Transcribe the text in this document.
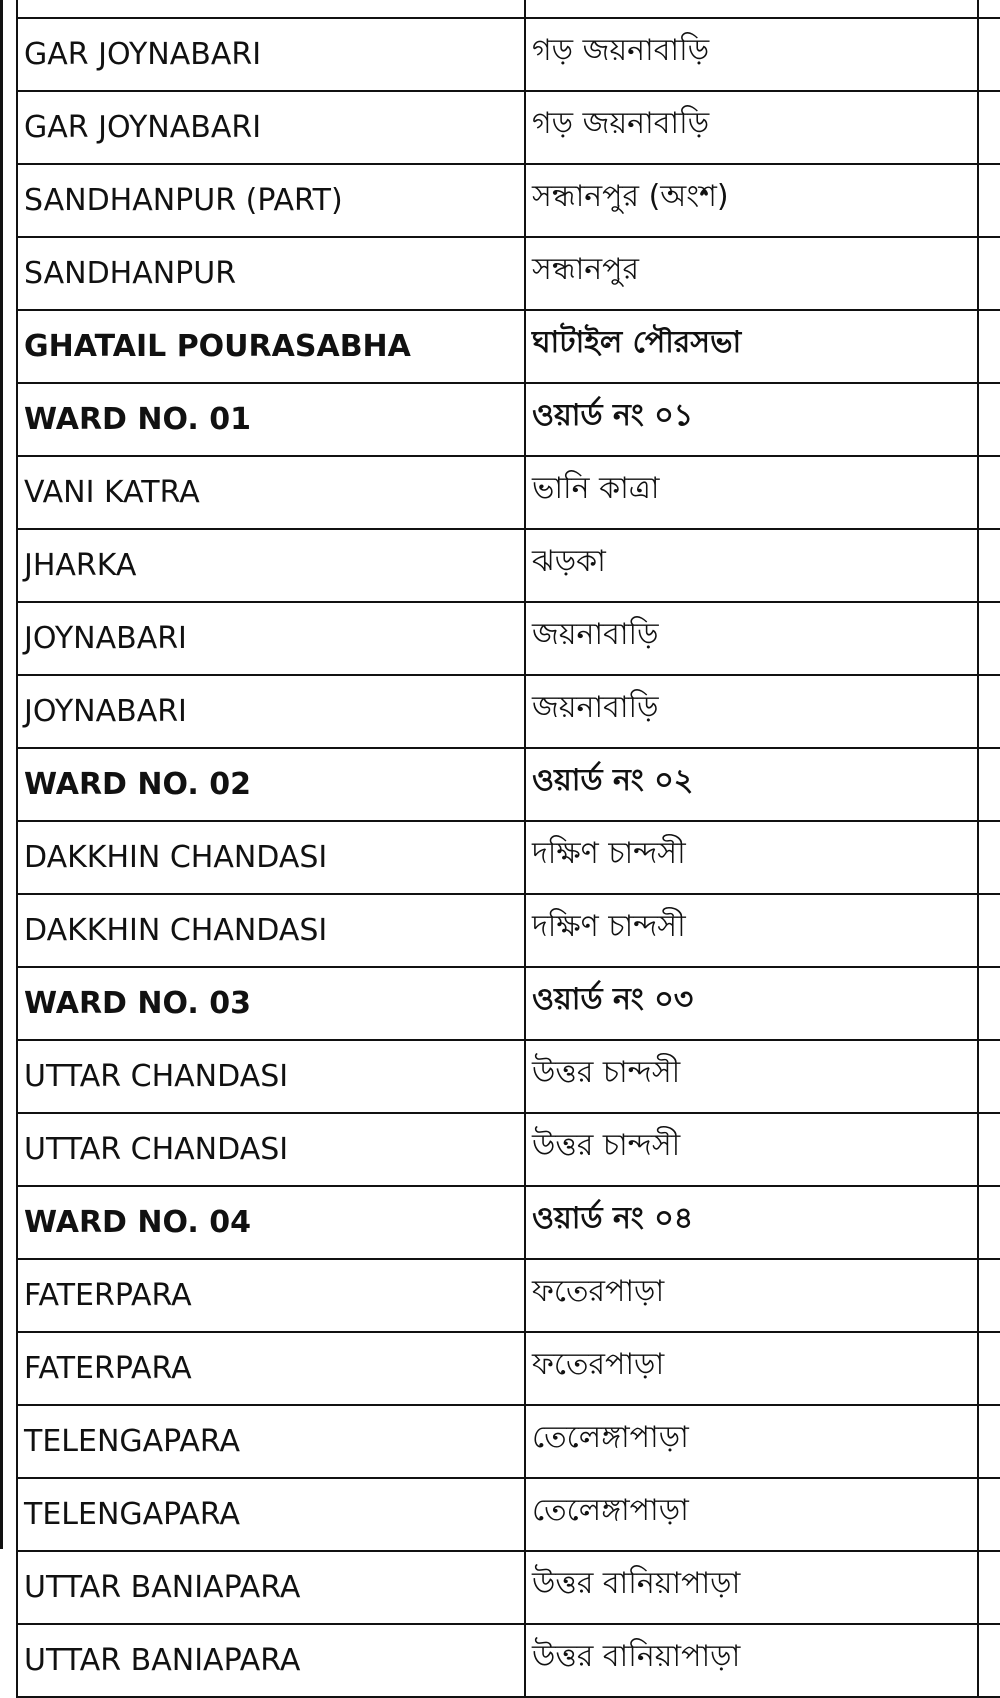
GAR JOYNABARI	গড় জয়নাবাড়ি	
GAR JOYNABARI	গড় জয়নাবাড়ি	
SANDHANPUR (PART)	সন্ধানপুর (অংশ)	
SANDHANPUR	সন্ধানপুর	
GHATAIL POURASABHA	ঘাটাইল পৌরসভা	
WARD NO. 01	ওয়ার্ড নং ০১	
VANI KATRA	ভানি কাত্রা	
JHARKA	ঝড়কা	
JOYNABARI	জয়নাবাড়ি	
JOYNABARI	জয়নাবাড়ি	
WARD NO. 02	ওয়ার্ড নং ০২	
DAKKHIN CHANDASI	দক্ষিণ চান্দসী	
DAKKHIN CHANDASI	দক্ষিণ চান্দসী	
WARD NO. 03	ওয়ার্ড নং ০৩	
UTTAR CHANDASI	উত্তর চান্দসী	
UTTAR CHANDASI	উত্তর চান্দসী	
WARD NO. 04	ওয়ার্ড নং ০৪	
FATERPARA	ফতেরপাড়া	
FATERPARA	ফতেরপাড়া	
TELENGAPARA	তেলেঙ্গাপাড়া	
TELENGAPARA	তেলেঙ্গাপাড়া	
UTTAR BANIAPARA	উত্তর বানিয়াপাড়া	
UTTAR BANIAPARA	উত্তর বানিয়াপাড়া	
